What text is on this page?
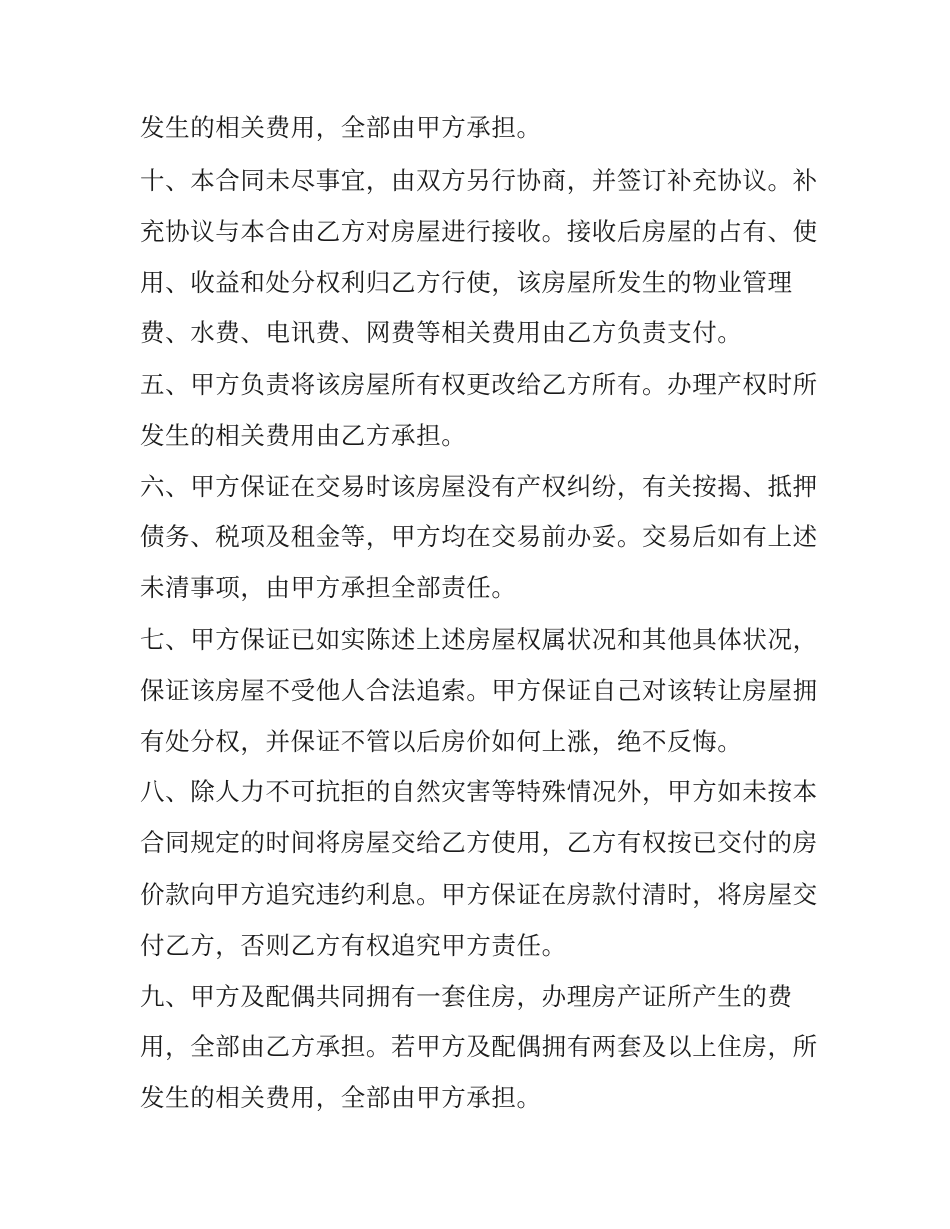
发生的相关费用，全部由甲方承担。
十、本合同未尽事宜，由双方另行协商，并签订补充协议。补
充协议与本合由乙方对房屋进行接收。接收后房屋的占有、使
用、收益和处分权利归乙方行使，该房屋所发生的物业管理
费、水费、电讯费、网费等相关费用由乙方负责支付。
五、甲方负责将该房屋所有权更改给乙方所有。办理产权时所
发生的相关费用由乙方承担。
六、甲方保证在交易时该房屋没有产权纠纷，有关按揭、抵押
债务、税项及租金等，甲方均在交易前办妥。交易后如有上述
未清事项，由甲方承担全部责任。
七、甲方保证已如实陈述上述房屋权属状况和其他具体状况，
保证该房屋不受他人合法追索。甲方保证自己对该转让房屋拥
有处分权，并保证不管以后房价如何上涨，绝不反悔。
八、除人力不可抗拒的自然灾害等特殊情况外，甲方如未按本
合同规定的时间将房屋交给乙方使用，乙方有权按已交付的房
价款向甲方追究违约利息。甲方保证在房款付清时，将房屋交
付乙方，否则乙方有权追究甲方责任。
九、甲方及配偶共同拥有一套住房，办理房产证所产生的费
用，全部由乙方承担。若甲方及配偶拥有两套及以上住房，所
发生的相关费用，全部由甲方承担。
